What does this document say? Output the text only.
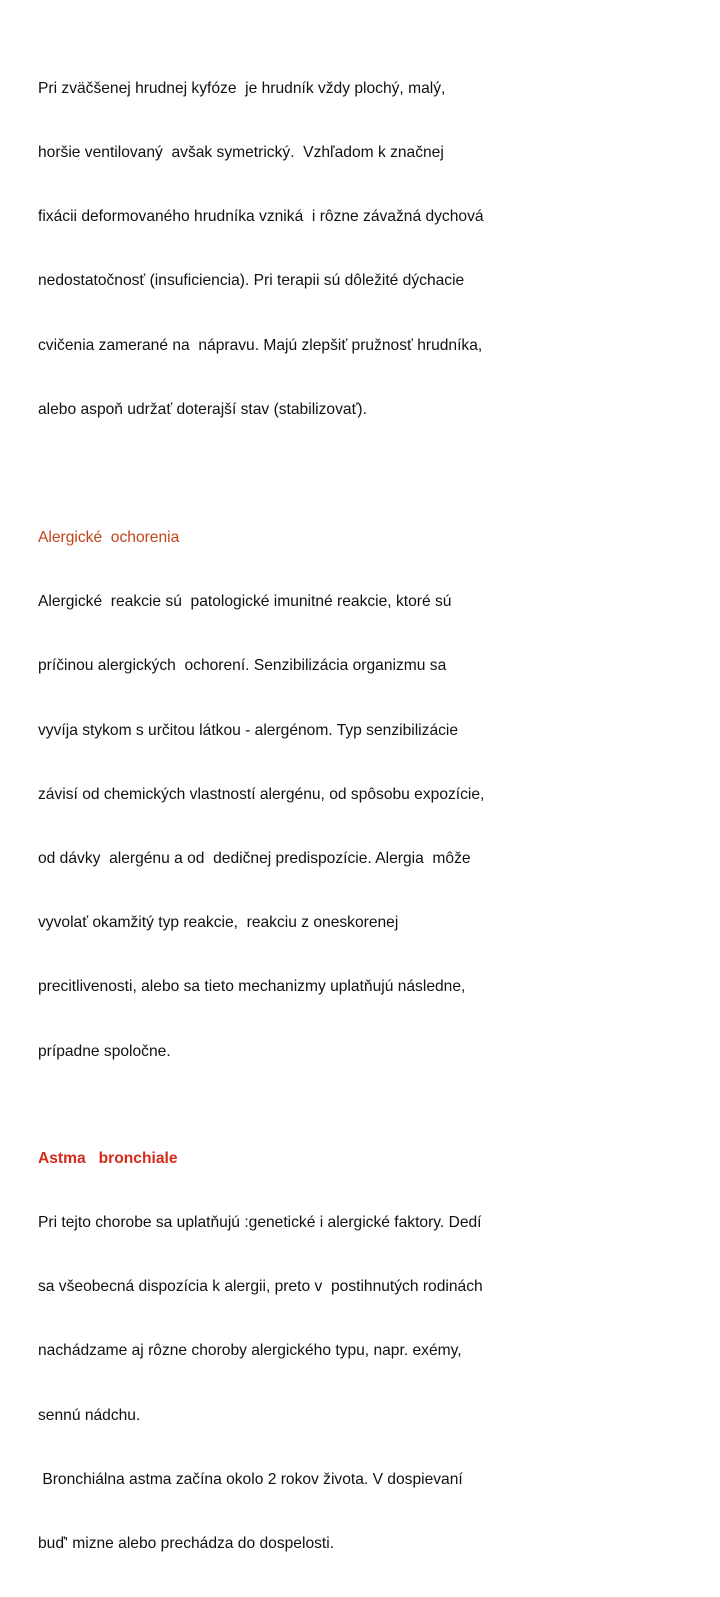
Pri zväčšenej hrudnej kyfóze  je hrudník vždy plochý, malý,

horšie ventilovaný  avšak symetrický.  Vzhľadom k značnej

fixácii deformovaného hrudníka vzniká  i rôzne závažná dychová

nedostatočnosť (insuficiencia). Pri terapii sú dôležité dýchacie

cvičenia zamerané na  nápravu. Majú zlepšiť pružnosť hrudníka,

alebo aspoň udržať doterajší stav (stabilizovať).

Alergické  ochorenia

Alergické  reakcie sú  patologické imunitné reakcie, ktoré sú

príčinou alergických  ochorení. Senzibilizácia organizmu sa

vyvíja stykom s určitou látkou - alergénom. Typ senzibilizácie

závisí od chemických vlastností alergénu, od spôsobu expozície,

od dávky  alergénu a od  dedičnej predispozície. Alergia  môže

vyvolať okamžitý typ reakcie,  reakciu z oneskorenej

precitlivenosti, alebo sa tieto mechanizmy uplatňujú následne,

prípadne spoločne.

Astma   bronchiale

Pri tejto chorobe sa uplatňujú :genetické i alergické faktory. Dedí

sa všeobecná dispozícia k alergii, preto v  postihnutých rodinách

nachádzame aj rôzne choroby alergického typu, napr. exémy,

sennú nádchu.

Bronchiálna astma začína okolo 2 rokov života. V dospievaní

buď' mizne alebo prechádza do dospelosti.
